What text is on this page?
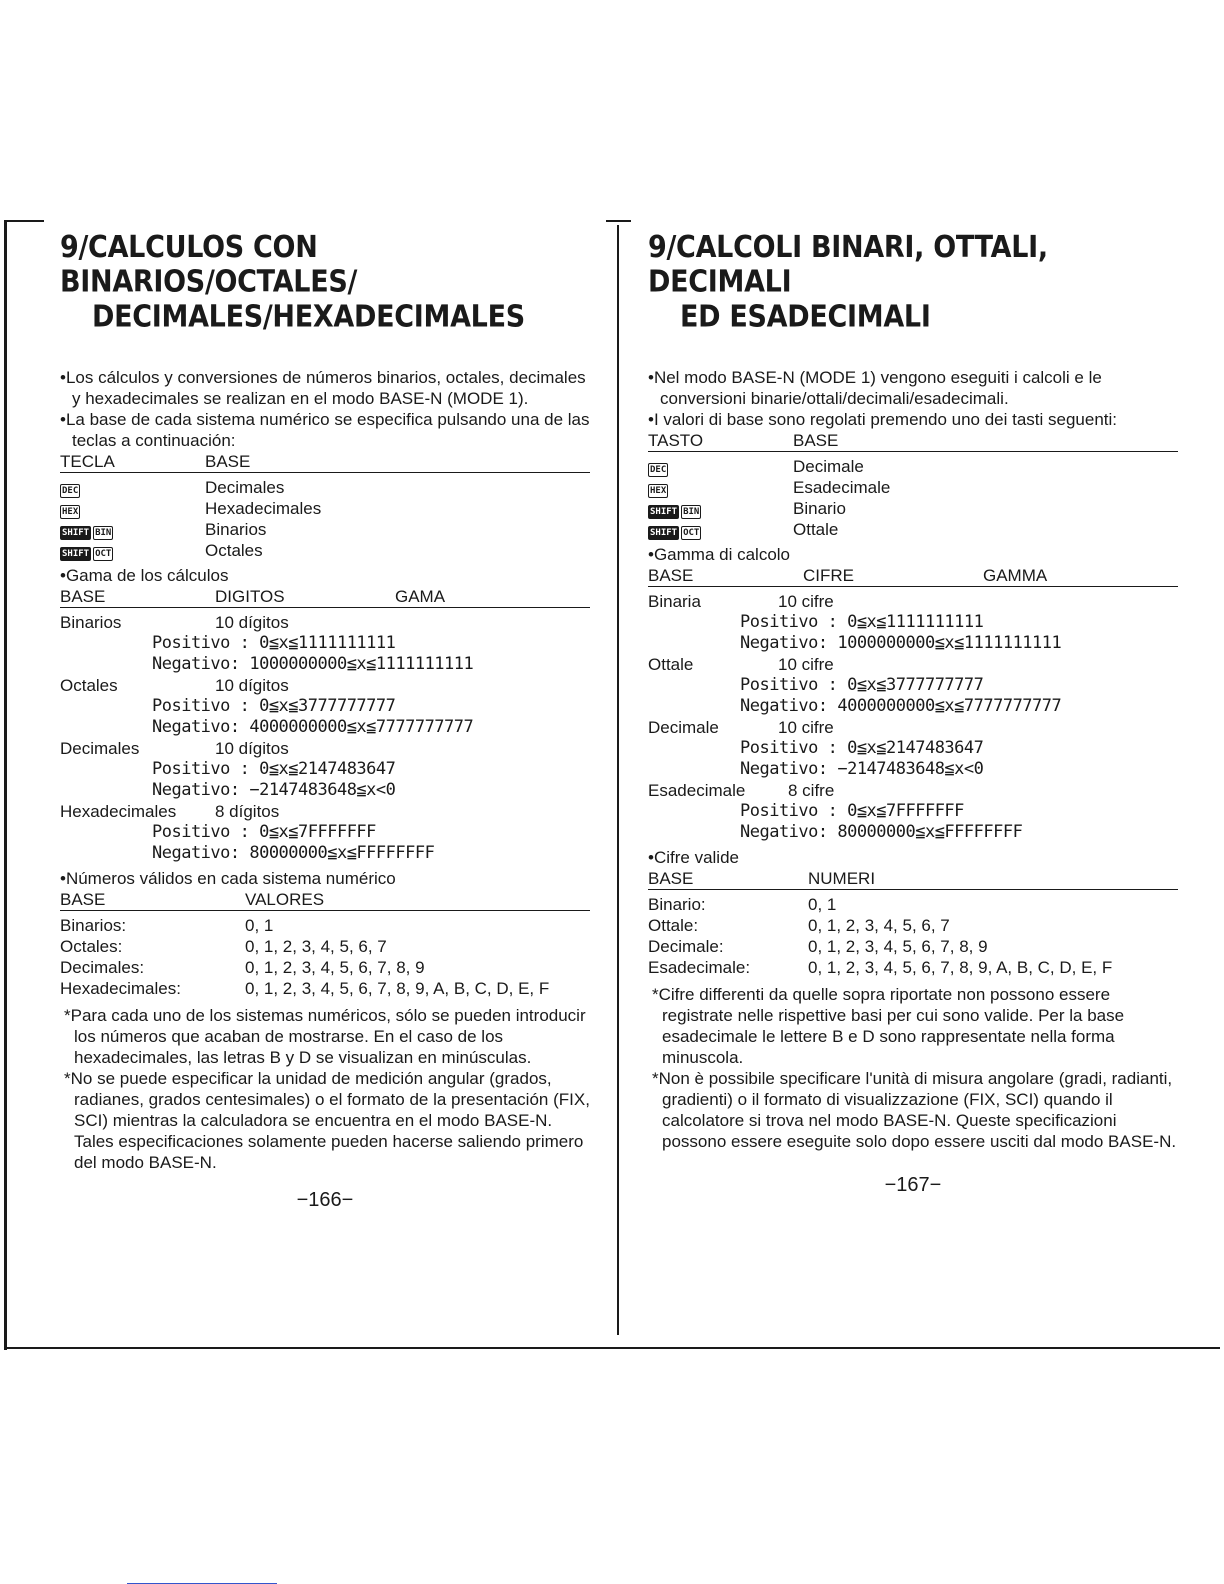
9/CALCULOS CON BINARIOS/OCTALES/
DECIMALES/HEXADECIMALES

•Los cálculos y conversiones de números binarios, octales, decimales y hexadecimales se realizan en el modo BASE-N (MODE 1).

•La base de cada sistema numérico se especifica pulsando una de las teclas a continuación:

TECLA	BASE
DEC	Decimales
HEX	Hexadecimales
SHIFT BIN	Binarios
SHIFT OCT	Octales

•Gama de los cálculos

BASE	DIGITOS	GAMA
Binarios	10 dígitos
Positivo : 0≦x≦1111111111
Negativo: 1000000000≦x≦1111111111
Octales	10 dígitos
Positivo : 0≦x≦3777777777
Negativo: 4000000000≦x≦7777777777
Decimales	10 dígitos
Positivo : 0≦x≦2147483647
Negativo: −2147483648≦x<0
Hexadecimales	8 dígitos
Positivo : 0≦x≦7FFFFFFF
Negativo: 80000000≦x≦FFFFFFFF

•Números válidos en cada sistema numérico

BASE	VALORES
Binarios:	0, 1
Octales:	0, 1, 2, 3, 4, 5, 6, 7
Decimales:	0, 1, 2, 3, 4, 5, 6, 7, 8, 9
Hexadecimales:	0, 1, 2, 3, 4, 5, 6, 7, 8, 9, A, B, C, D, E, F

*Para cada uno de los sistemas numéricos, sólo se pueden introducir los números que acaban de mostrarse. En el caso de los hexadecimales, las letras B y D se visualizan en minúsculas.

*No se puede especificar la unidad de medición angular (grados, radianes, grados centesimales) o el formato de la presentación (FIX, SCI) mientras la calculadora se encuentra en el modo BASE-N. Tales especificaciones solamente pueden hacerse saliendo primero del modo BASE-N.

−166−
9/CALCOLI BINARI, OTTALI, DECIMALI
ED ESADECIMALI

•Nel modo BASE-N (MODE 1) vengono eseguiti i calcoli e le conversioni binarie/ottali/decimali/esadecimali.

•I valori di base sono regolati premendo uno dei tasti seguenti:

TASTO	BASE
DEC	Decimale
HEX	Esadecimale
SHIFT BIN	Binario
SHIFT OCT	Ottale

•Gamma di calcolo

BASE	CIFRE	GAMMA
Binaria	10 cifre
Positivo : 0≦x≦1111111111
Negativo: 1000000000≦x≦1111111111
Ottale	10 cifre
Positivo : 0≦x≦3777777777
Negativo: 4000000000≦x≦7777777777
Decimale	10 cifre
Positivo : 0≦x≦2147483647
Negativo: −2147483648≦x<0
Esadecimale	8 cifre
Positivo : 0≦x≦7FFFFFFF
Negativo: 80000000≦x≦FFFFFFFF

•Cifre valide

BASE	NUMERI
Binario:	0, 1
Ottale:	0, 1, 2, 3, 4, 5, 6, 7
Decimale:	0, 1, 2, 3, 4, 5, 6, 7, 8, 9
Esadecimale:	0, 1, 2, 3, 4, 5, 6, 7, 8, 9, A, B, C, D, E, F

*Cifre differenti da quelle sopra riportate non possono essere registrate nelle rispettive basi per cui sono valide. Per la base esadecimale le lettere B e D sono rappresentate nella forma minuscola.

*Non è possibile specificare l'unità di misura angolare (gradi, radianti, gradienti) o il formato di visualizzazione (FIX, SCI) quando il calcolatore si trova nel modo BASE-N. Queste specificazioni possono essere eseguite solo dopo essere usciti dal modo BASE-N.

−167−
